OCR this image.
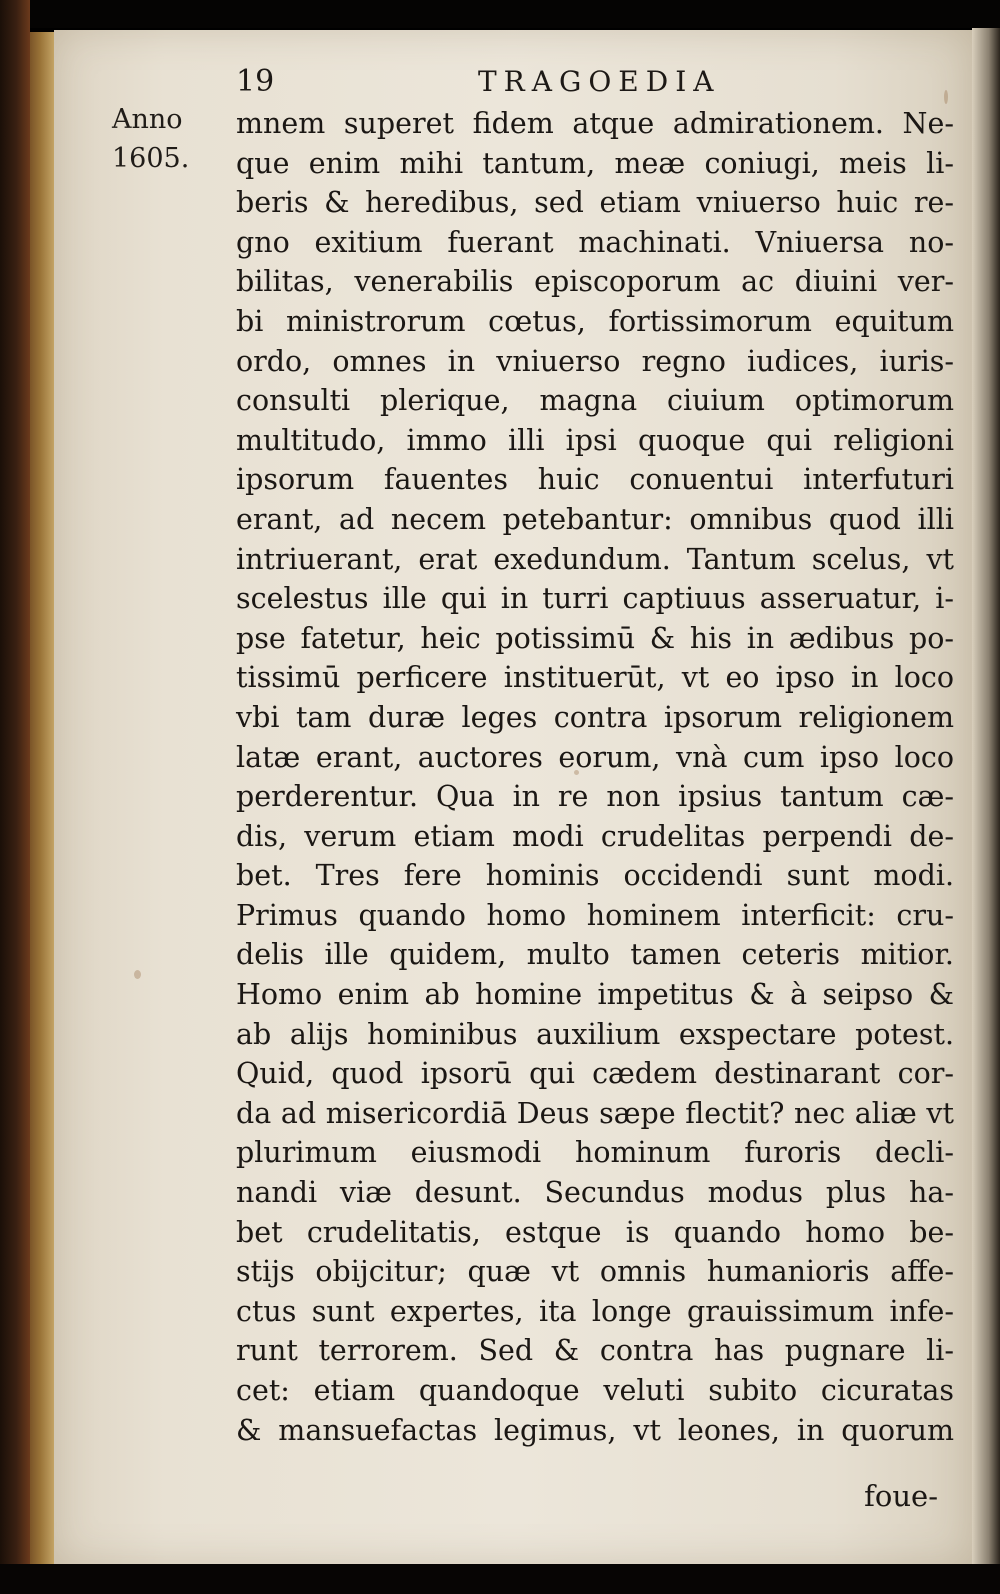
19	TRAGOEDIA
Anno
1605.
mnem superet fidem atque admirationem. Ne-
que enim mihi tantum, meæ coniugi, meis li-
beris & heredibus, sed etiam vniuerso huic re-
gno exitium fuerant machinati. Vniuersa no-
bilitas, venerabilis episcoporum ac diuini ver-
bi ministrorum cœtus, fortissimorum equitum
ordo, omnes in vniuerso regno iudices, iuris-
consulti plerique, magna ciuium optimorum
multitudo, immo illi ipsi quoque qui religioni
ipsorum fauentes huic conuentui interfuturi
erant, ad necem petebantur: omnibus quod illi
intriuerant, erat exedundum. Tantum scelus, vt
scelestus ille qui in turri captiuus asseruatur, i-
pse fatetur, heic potissimū & his in ædibus po-
tissimū perficere instituerūt, vt eo ipso in loco
vbi tam duræ leges contra ipsorum religionem
latæ erant, auctores eorum, vnà cum ipso loco
perderentur. Qua in re non ipsius tantum cæ-
dis, verum etiam modi crudelitas perpendi de-
bet. Tres fere hominis occidendi sunt modi.
Primus quando homo hominem interficit: cru-
delis ille quidem, multo tamen ceteris mitior.
Homo enim ab homine impetitus & à seipso &
ab alijs hominibus auxilium exspectare potest.
Quid, quod ipsorū qui cædem destinarant cor-
da ad misericordiā Deus sæpe flectit? nec aliæ vt
plurimum eiusmodi hominum furoris decli-
nandi viæ desunt. Secundus modus plus ha-
bet crudelitatis, estque is quando homo be-
stijs obijcitur; quæ vt omnis humanioris affe-
ctus sunt expertes, ita longe grauissimum infe-
runt terrorem. Sed & contra has pugnare li-
cet: etiam quandoque veluti subito cicuratas
& mansuefactas legimus, vt leones, in quorum
foue-
